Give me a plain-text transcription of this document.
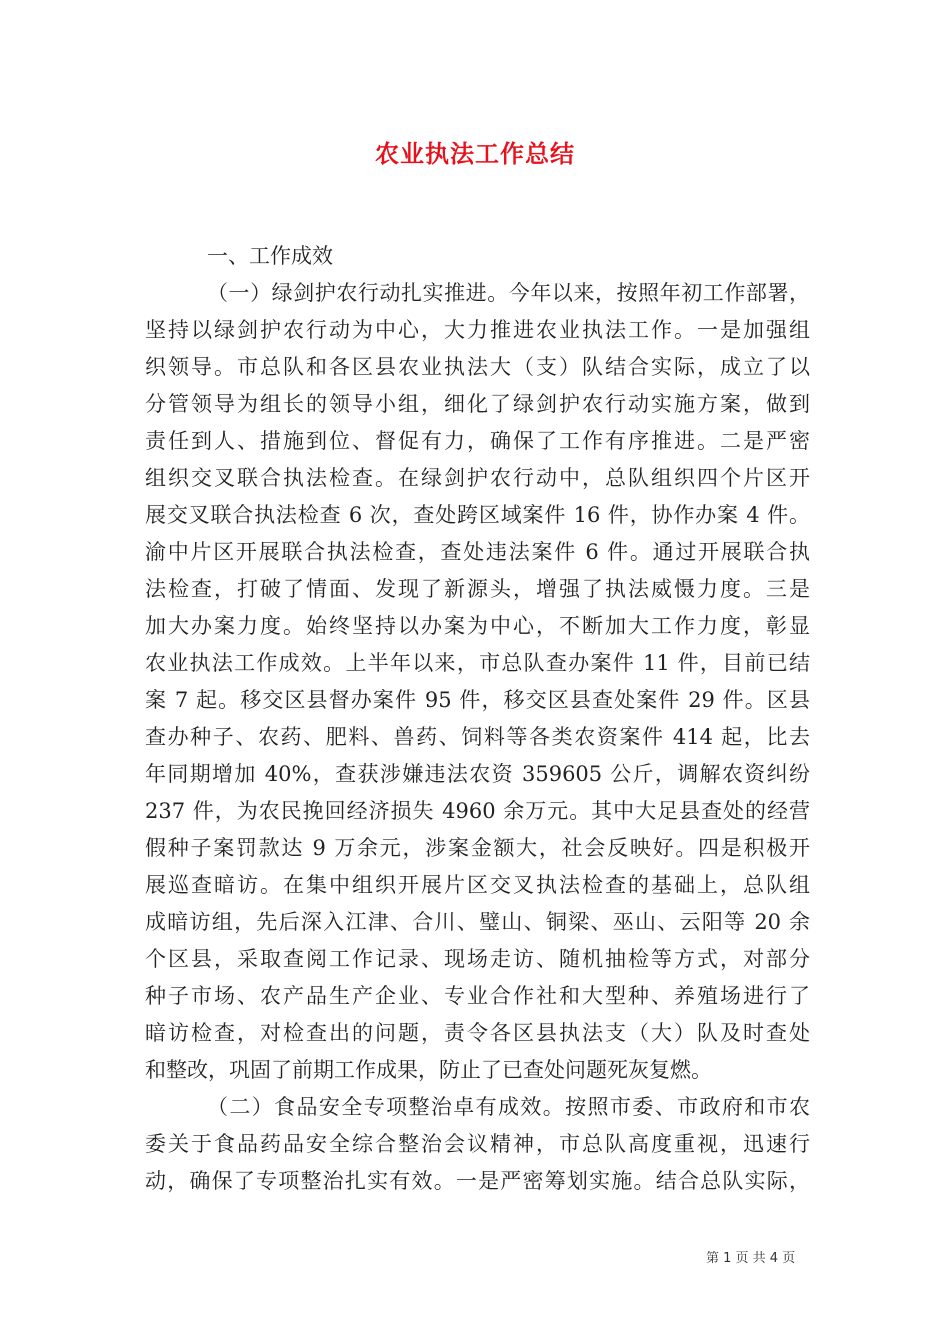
农业执法工作总结
一、工作成效
（一）绿剑护农行动扎实推进。今年以来，按照年初工作部署，
坚持以绿剑护农行动为中心，大力推进农业执法工作。一是加强组
织领导。市总队和各区县农业执法大（支）队结合实际，成立了以
分管领导为组长的领导小组，细化了绿剑护农行动实施方案，做到
责任到人、措施到位、督促有力，确保了工作有序推进。二是严密
组织交叉联合执法检查。在绿剑护农行动中，总队组织四个片区开
展交叉联合执法检查 6 次，查处跨区域案件 16 件，协作办案 4 件。
渝中片区开展联合执法检查，查处违法案件 6 件。通过开展联合执
法检查，打破了情面、发现了新源头，增强了执法威慑力度。三是
加大办案力度。始终坚持以办案为中心，不断加大工作力度，彰显
农业执法工作成效。上半年以来，市总队查办案件 11 件，目前已结
案 7 起。移交区县督办案件 95 件，移交区县查处案件 29 件。区县
查办种子、农药、肥料、兽药、饲料等各类农资案件 414 起，比去
年同期增加 40%，查获涉嫌违法农资 359605 公斤，调解农资纠纷
237 件，为农民挽回经济损失 4960 余万元。其中大足县查处的经营
假种子案罚款达 9 万余元，涉案金额大，社会反映好。四是积极开
展巡查暗访。在集中组织开展片区交叉执法检查的基础上，总队组
成暗访组，先后深入江津、合川、璧山、铜梁、巫山、云阳等 20 余
个区县，采取查阅工作记录、现场走访、随机抽检等方式，对部分
种子市场、农产品生产企业、专业合作社和大型种、养殖场进行了
暗访检查，对检查出的问题，责令各区县执法支（大）队及时查处
和整改，巩固了前期工作成果，防止了已查处问题死灰复燃。
（二）食品安全专项整治卓有成效。按照市委、市政府和市农
委关于食品药品安全综合整治会议精神，市总队高度重视，迅速行
动，确保了专项整治扎实有效。一是严密筹划实施。结合总队实际，
第 1 页 共 4 页
